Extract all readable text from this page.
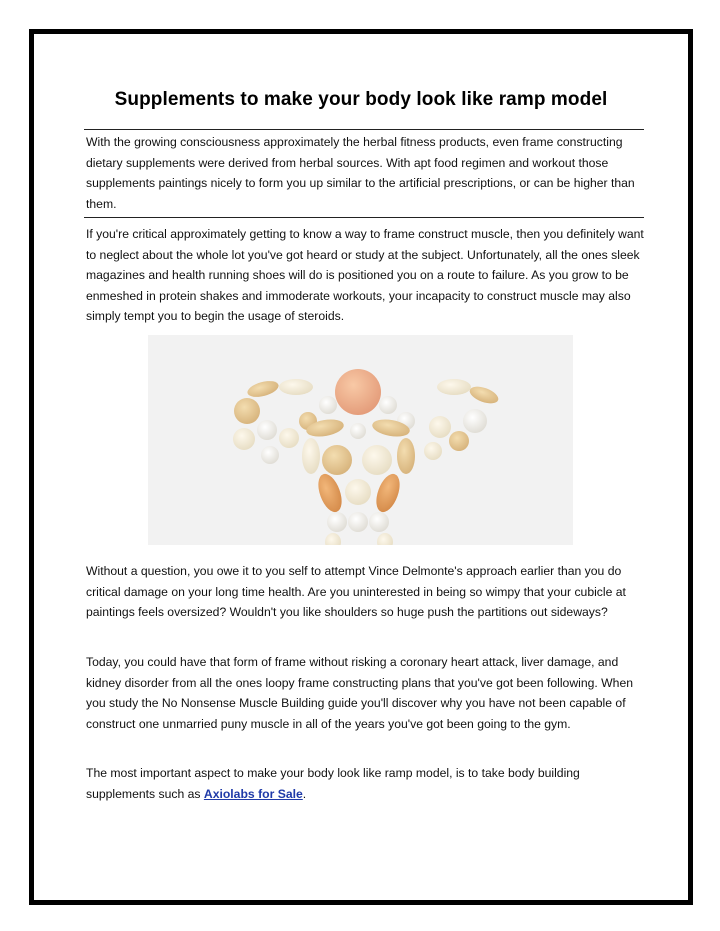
Supplements to make your body look like ramp model
With the growing consciousness approximately the herbal fitness products, even frame constructing dietary supplements were derived from herbal sources. With apt food regimen and workout those supplements paintings nicely to form you up similar to the artificial prescriptions, or can be higher than them.

If you're critical approximately getting to know a way to frame construct muscle, then you definitely want to neglect about the whole lot you've got heard or study at the subject. Unfortunately, all the ones sleek magazines and health running shoes will do is positioned you on a route to failure. As you grow to be enmeshed in protein shakes and immoderate workouts, your incapacity to construct muscle may also simply tempt you to begin the usage of steroids.

Without a question, you owe it to you self to attempt Vince Delmonte's approach earlier than you do critical damage on your long time health. Are you uninterested in being so wimpy that your cubicle at paintings feels oversized? Wouldn't you like shoulders so huge push the partitions out sideways?

Today, you could have that form of frame without risking a coronary heart attack, liver damage, and kidney disorder from all the ones loopy frame constructing plans that you've got been following. When you study the No Nonsense Muscle Building guide you'll discover why you have not been capable of construct one unmarried puny muscle in all of the years you've got been going to the gym.

The most important aspect to make your body look like ramp model, is to take body building supplements such as Axiolabs for Sale.
